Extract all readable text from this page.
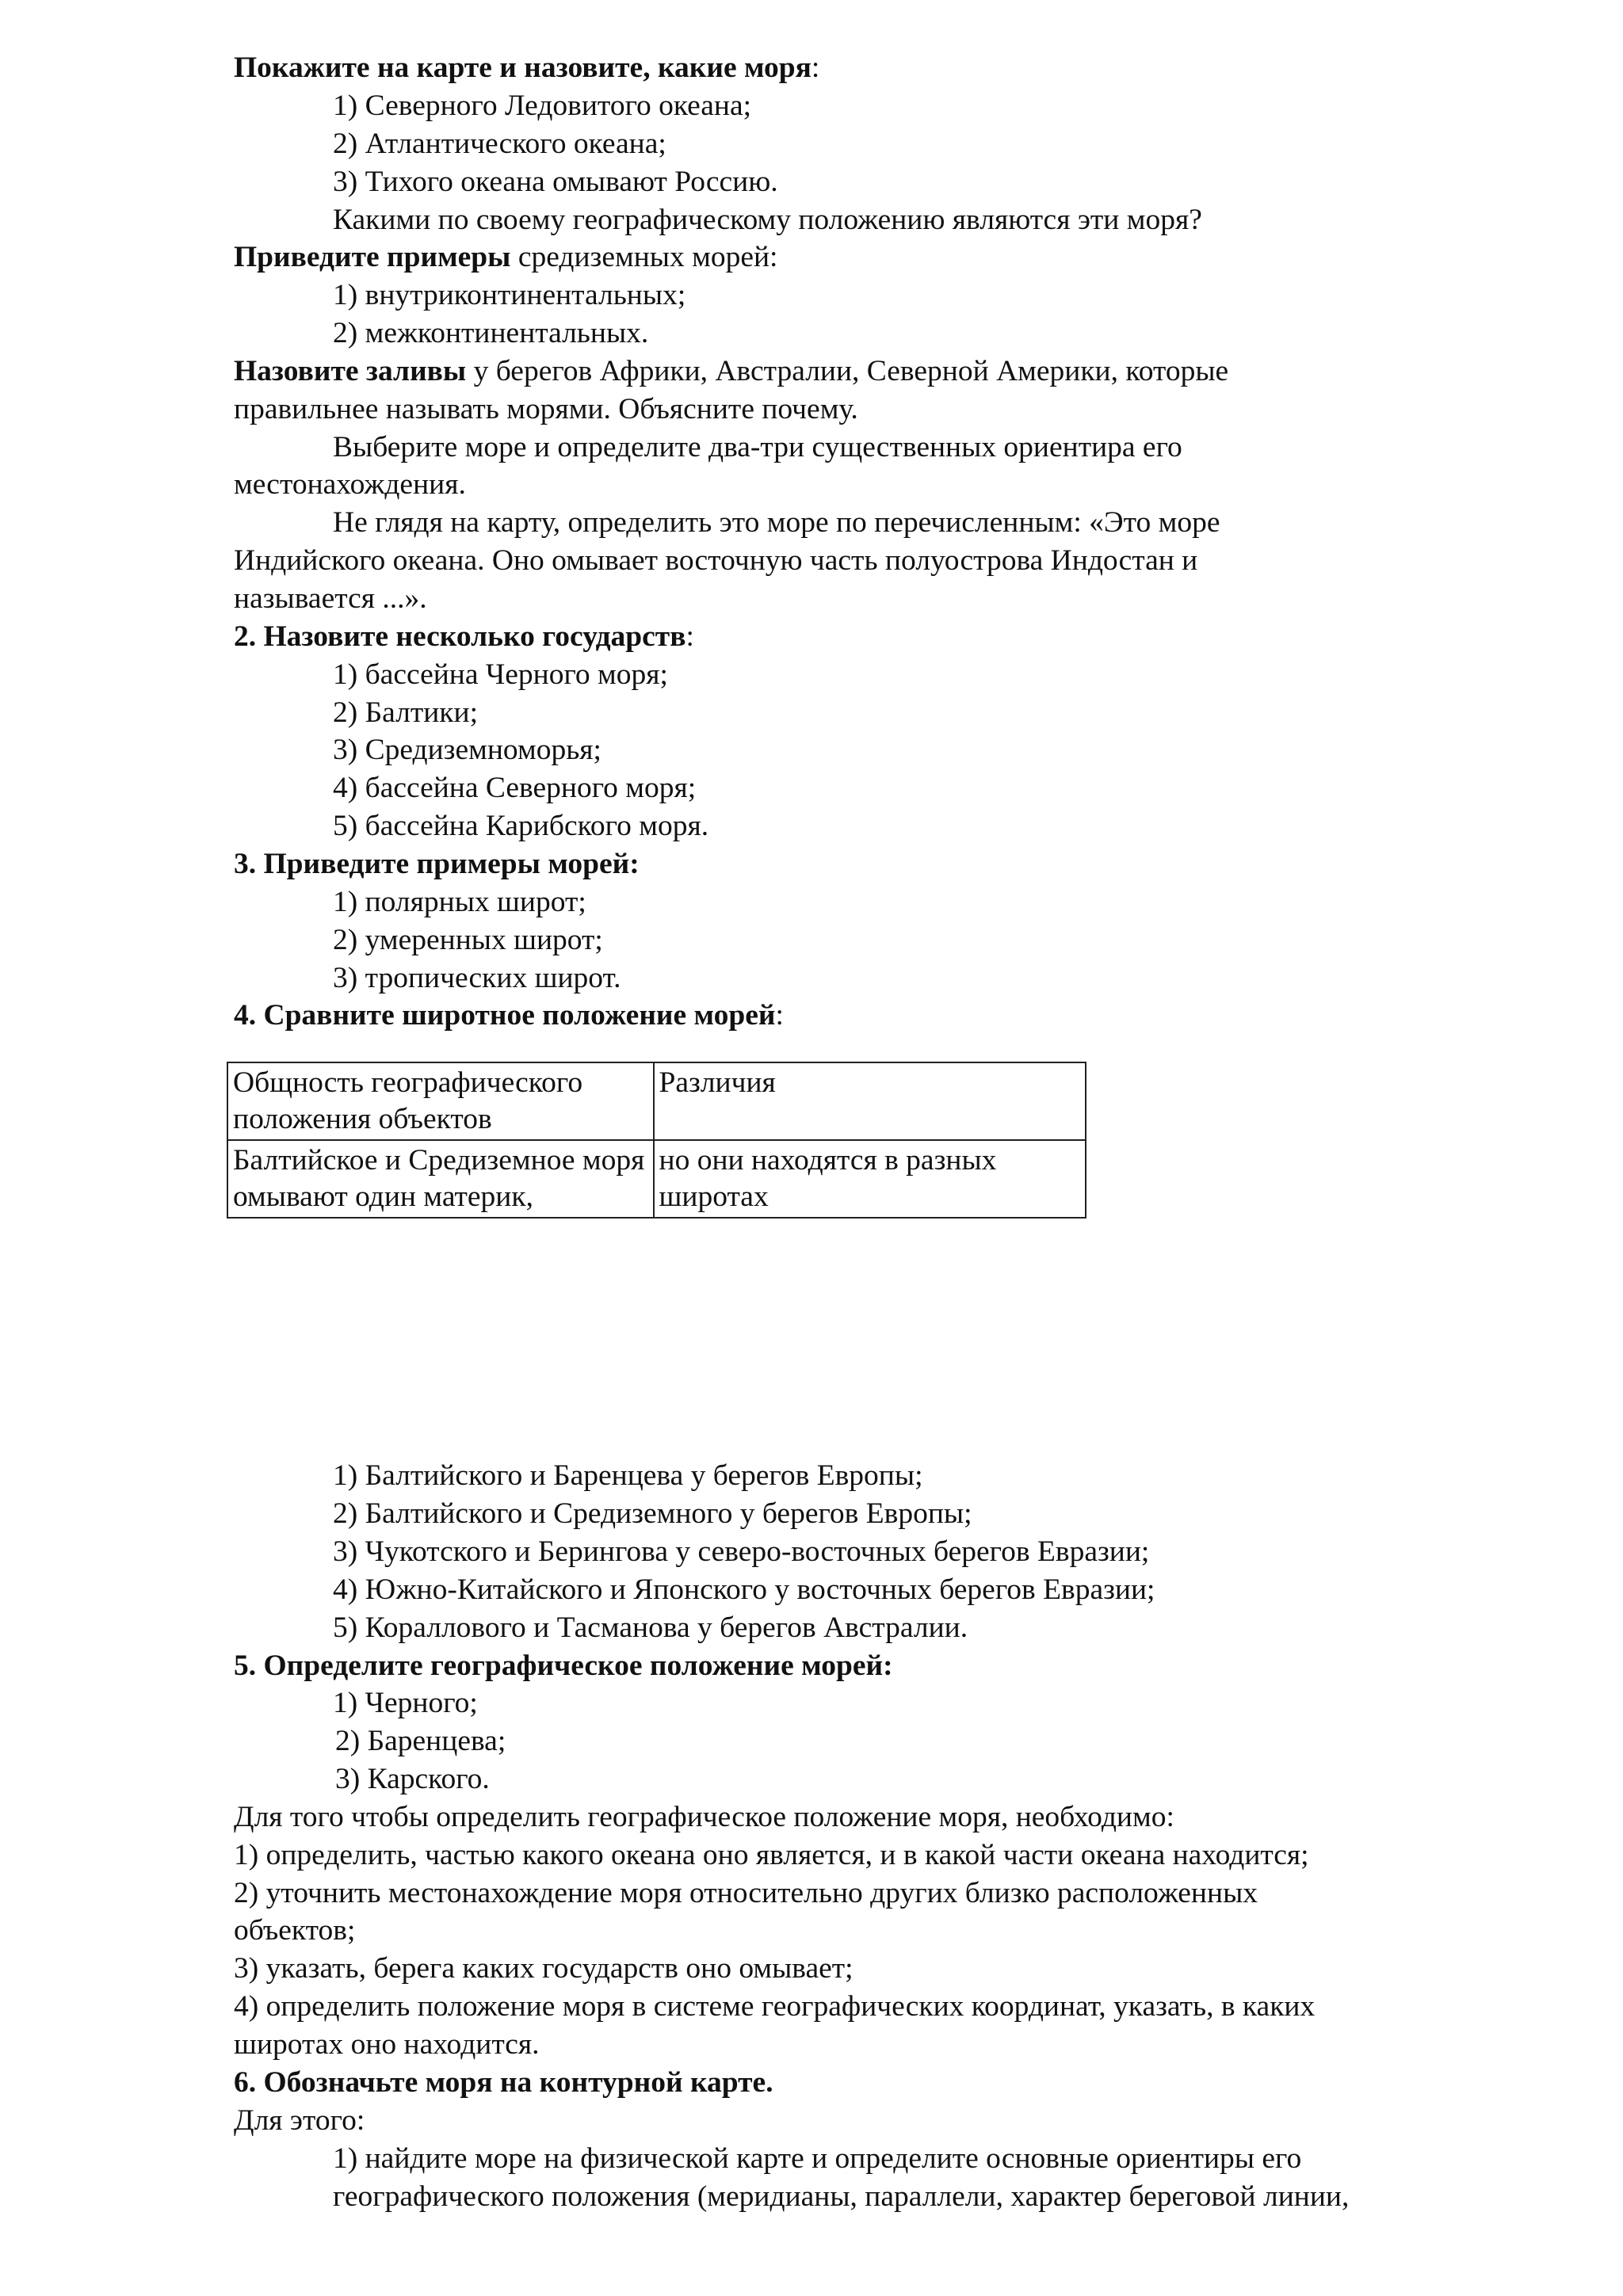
Покажите на карте и назовите, какие моря:
1) Северного Ледовитого океана;
2) Атлантического океана;
3) Тихого океана омывают Россию.
Какими по своему географическому положению являются эти моря?
Приведите примеры средиземных морей:
1) внутриконтинентальных;
2) межконтинентальных.
Назовите заливы у берегов Африки, Австралии, Северной Америки, которые
правильнее называть морями. Объясните почему.
Выберите море и определите два-три существенных ориентира его
местонахождения.
Не глядя на карту, определить это море по перечисленным: «Это море
Индийского океана. Оно омывает восточную часть полуострова Индостан и
называется ...».
2. Назовите несколько государств:
1) бассейна Черного моря;
2) Балтики;
3) Средиземноморья;
4) бассейна Северного моря;
5) бассейна Карибского моря.
3. Приведите примеры морей:
1) полярных широт;
2) умеренных широт;
3) тропических широт.
4. Сравните широтное положение морей:
Общность географического положения объектов	Различия
Балтийское и Средиземное моря омывают один материк,	но они находятся в разных широтах
1) Балтийского и Баренцева у берегов Европы;
2) Балтийского и Средиземного у берегов Европы;
3) Чукотского и Берингова у северо-восточных берегов Евразии;
4) Южно-Китайского и Японского у восточных берегов Евразии;
5) Кораллового и Тасманова у берегов Австралии.
5. Определите географическое положение морей:
1) Черного;
2) Баренцева;
3) Карского.
Для того чтобы определить географическое положение моря, необходимо:
1) определить, частью какого океана оно является, и в какой части океана находится;
2) уточнить местонахождение моря относительно других близко расположенных
объектов;
3) указать, берега каких государств оно омывает;
4) определить положение моря в системе географических координат, указать, в каких
широтах оно находится.
6. Обозначьте моря на контурной карте.
Для этого:
1) найдите море на физической карте и определите основные ориентиры его
географического положения (меридианы, параллели, характер береговой линии,
